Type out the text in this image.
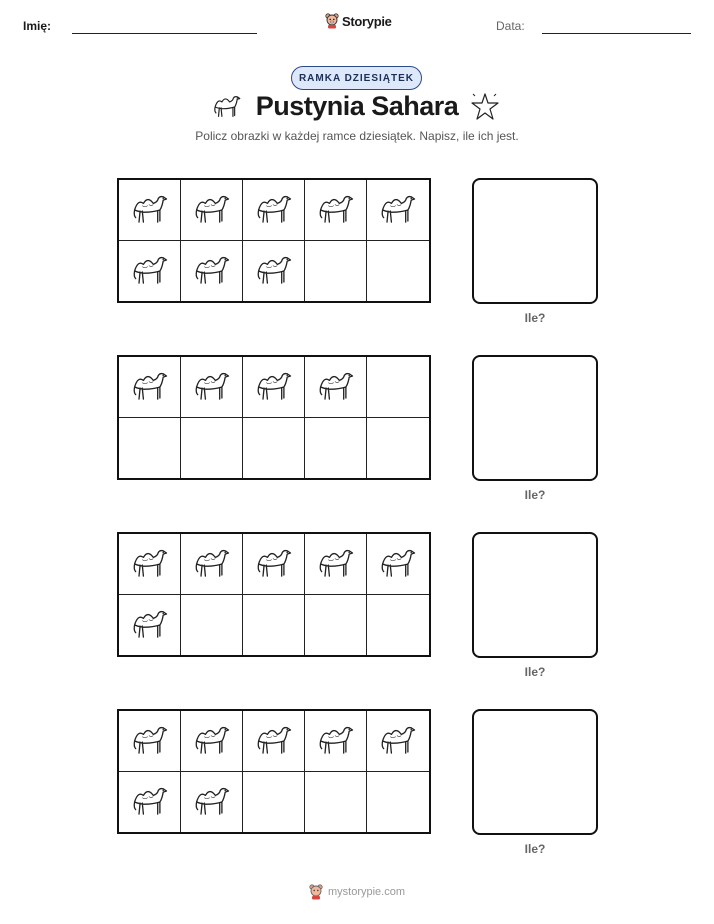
Imię:	Storypie	Data:
RAMKA DZIESIĄTEK
Pustynia Sahara
Policz obrazki w każdej ramce dziesiątek. Napisz, ile ich jest.
Ile?
Ile?
Ile?
Ile?
mystorypie.com
